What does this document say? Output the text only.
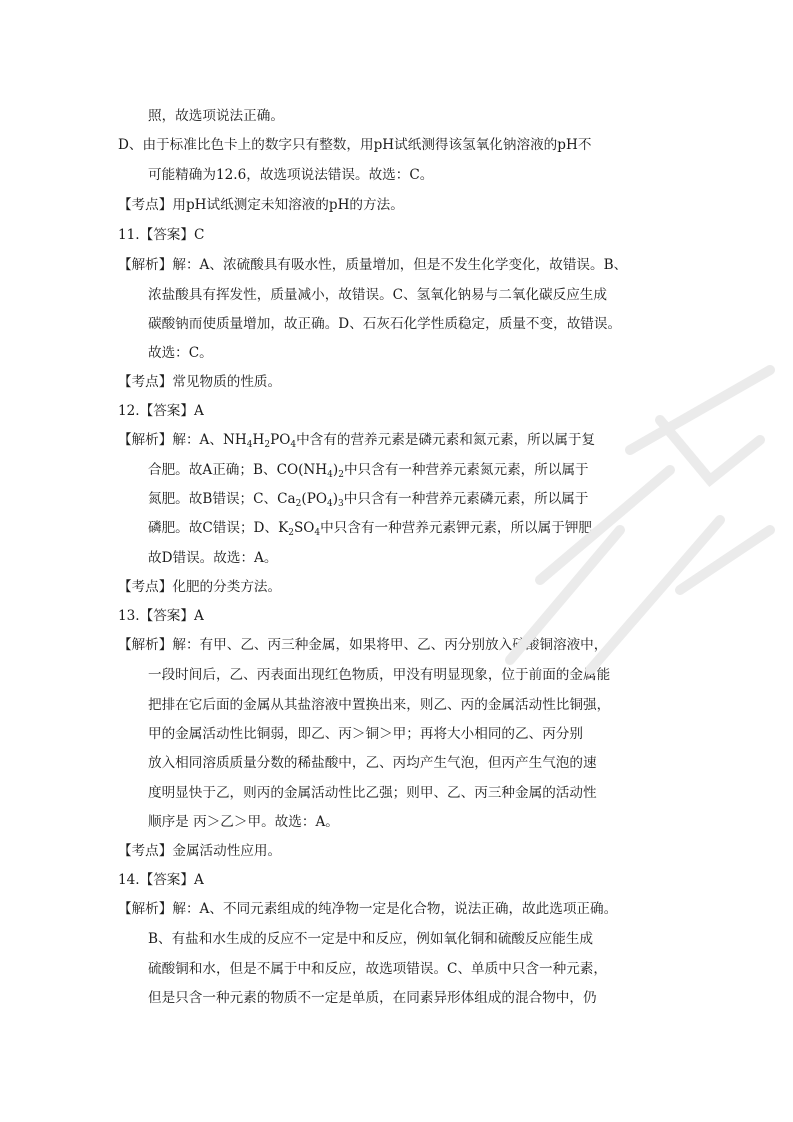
照，故选项说法正确。
D、由于标准比色卡上的数字只有整数，用pH试纸测得该氢氧化钠溶液的pH不
可能精确为12.6，故选项说法错误。故选：C。
【考点】用pH试纸测定未知溶液的pH的方法。
11.【答案】C
【解析】解：A、浓硫酸具有吸水性，质量增加，但是不发生化学变化，故错误。B、
浓盐酸具有挥发性，质量减小，故错误。C、氢氧化钠易与二氧化碳反应生成
碳酸钠而使质量增加，故正确。D、石灰石化学性质稳定，质量不变，故错误。
故选：C。
【考点】常见物质的性质。
12.【答案】A
【解析】解：A、$NH_4H_2PO_4$中含有的营养元素是磷元素和氮元素，所以属于复
合肥。故A正确；B、$CO(NH_4)_2$中只含有一种营养元素氮元素，所以属于
氮肥。故B错误；C、$Ca_2(PO_4)_3$中只含有一种营养元素磷元素，所以属于
磷肥。故C错误；D、$K_2SO_4$中只含有一种营养元素钾元素，所以属于钾肥。
故D错误。故选：A。
【考点】化肥的分类方法。
13.【答案】A
【解析】解：有甲、乙、丙三种金属，如果将甲、乙、丙分别放入硫酸铜溶液中，
一段时间后，乙、丙表面出现红色物质，甲没有明显现象，位于前面的金属能
把排在它后面的金属从其盐溶液中置换出来，则乙、丙的金属活动性比铜强，
甲的金属活动性比铜弱，即乙、丙＞铜＞甲；再将大小相同的乙、丙分别
放入相同溶质质量分数的稀盐酸中，乙、丙均产生气泡，但丙产生气泡的速
度明显快于乙，则丙的金属活动性比乙强；则甲、乙、丙三种金属的活动性
顺序是 丙＞乙＞甲。故选：A。
【考点】金属活动性应用。
14.【答案】A
【解析】解：A、不同元素组成的纯净物一定是化合物，说法正确，故此选项正确。
B、有盐和水生成的反应不一定是中和反应，例如氧化铜和硫酸反应能生成
硫酸铜和水，但是不属于中和反应，故选项错误。C、单质中只含一种元素，
但是只含一种元素的物质不一定是单质，在同素异形体组成的混合物中，仍
